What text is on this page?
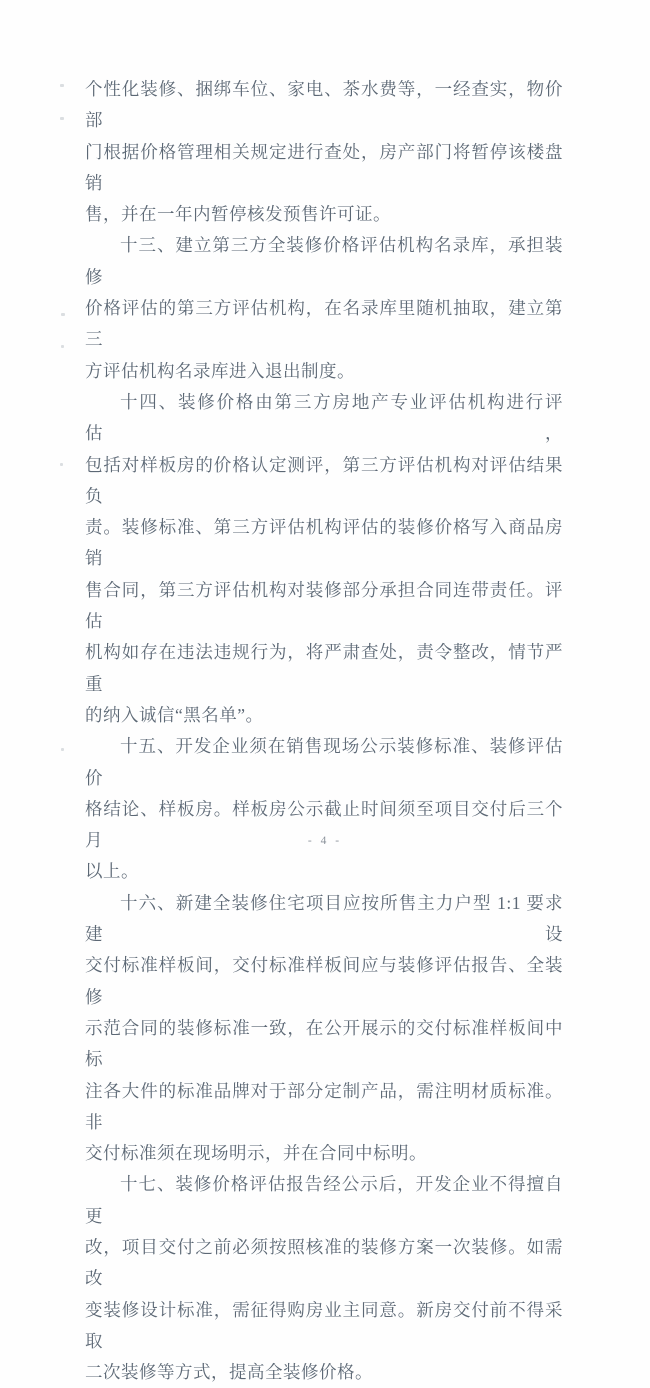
个性化装修、捆绑车位、家电、茶水费等，一经查实，物价部
门根据价格管理相关规定进行查处，房产部门将暂停该楼盘销
售，并在一年内暂停核发预售许可证。
十三、建立第三方全装修价格评估机构名录库，承担装修
价格评估的第三方评估机构，在名录库里随机抽取，建立第三
方评估机构名录库进入退出制度。
十四、装修价格由第三方房地产专业评估机构进行评估，
包括对样板房的价格认定测评，第三方评估机构对评估结果负
责。装修标准、第三方评估机构评估的装修价格写入商品房销
售合同，第三方评估机构对装修部分承担合同连带责任。评估
机构如存在违法违规行为，将严肃查处，责令整改，情节严重
的纳入诚信“黑名单”。
十五、开发企业须在销售现场公示装修标准、装修评估价
格结论、样板房。样板房公示截止时间须至项目交付后三个月
以上。
十六、新建全装修住宅项目应按所售主力户型 1:1 要求建设
交付标准样板间，交付标准样板间应与装修评估报告、全装修
示范合同的装修标准一致，在公开展示的交付标准样板间中标
注各大件的标准品牌对于部分定制产品，需注明材质标准。非
交付标准须在现场明示，并在合同中标明。
十七、装修价格评估报告经公示后，开发企业不得擅自更
改，项目交付之前必须按照核准的装修方案一次装修。如需改
变装修设计标准，需征得购房业主同意。新房交付前不得采取
二次装修等方式，提高全装修价格。
- 4 -
